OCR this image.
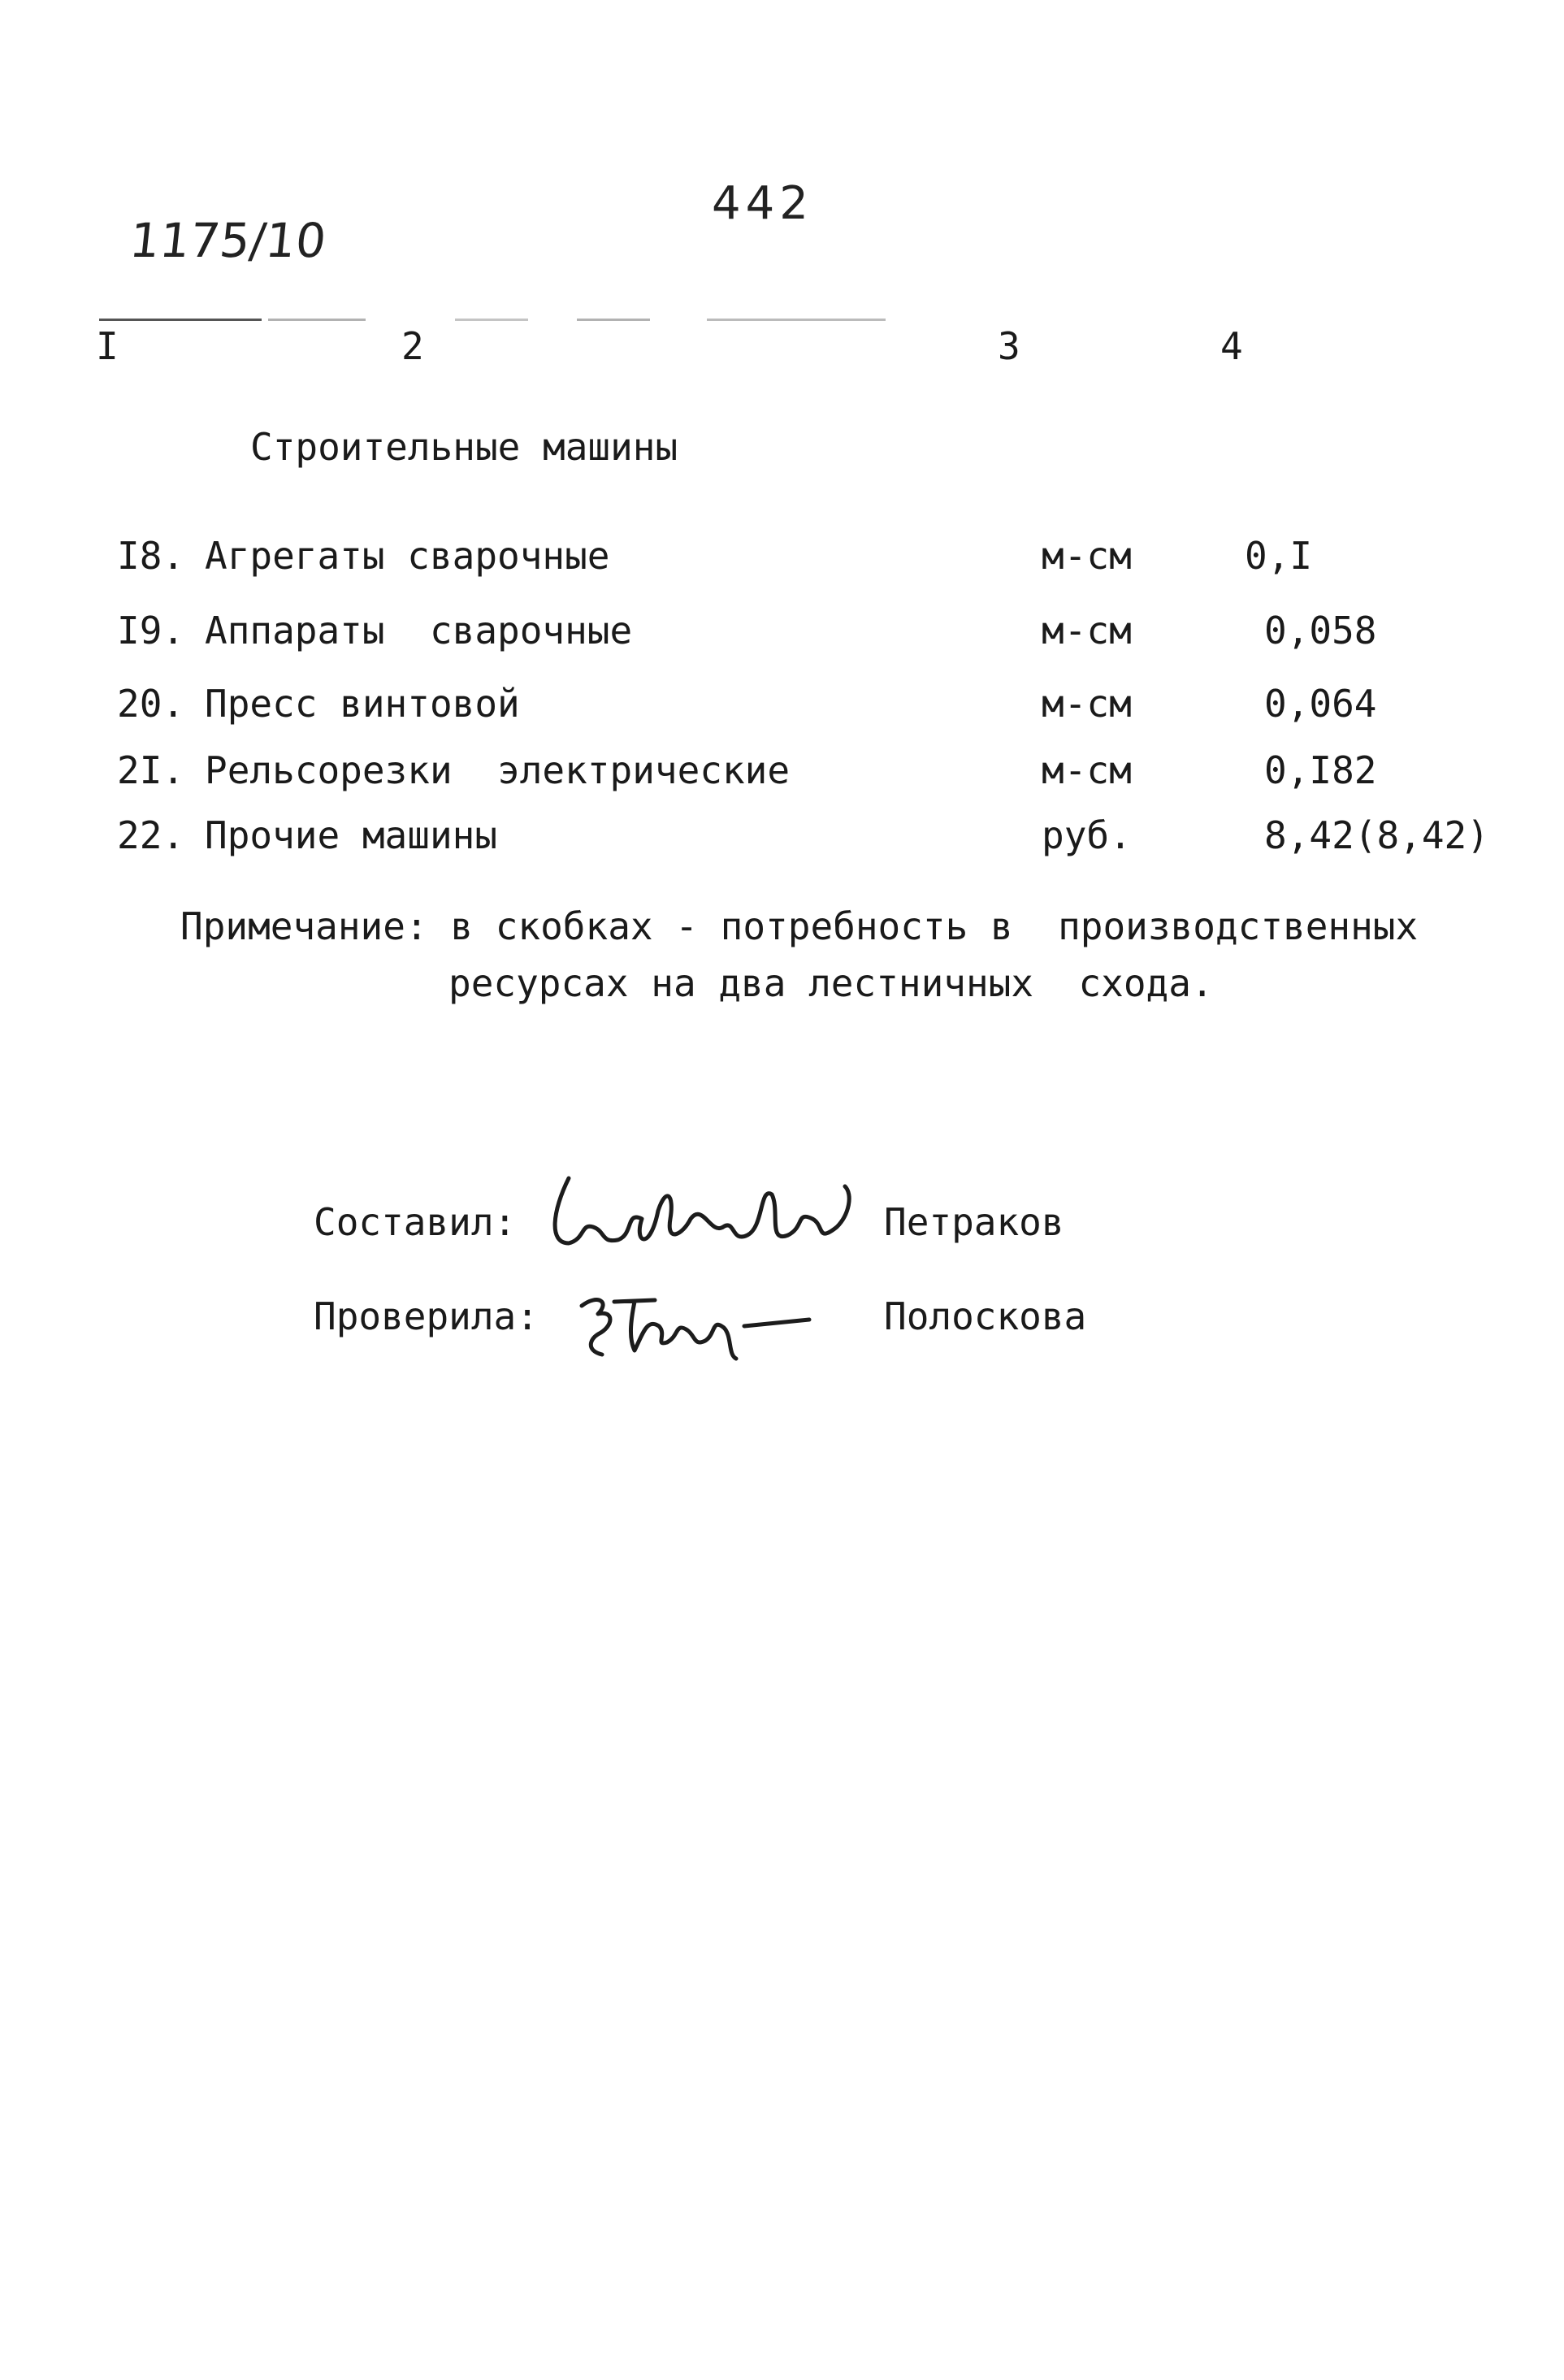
1175/10
442
I	2	3	4
Строительные машины
I8. Агрегаты сварочные	м-см	0,I
I9. Аппараты  сварочные	м-см	0,058
20. Пресс винтовой	м-см	0,064
2I. Рельсорезки  электрические	м-см	0,I82
22. Прочие машины	руб.	8,42(8,42)
Примечание: в скобках - потребность в  производственных
ресурсах на два лестничных  схода.
Составил:	Петраков
Проверила:	Полоскова
